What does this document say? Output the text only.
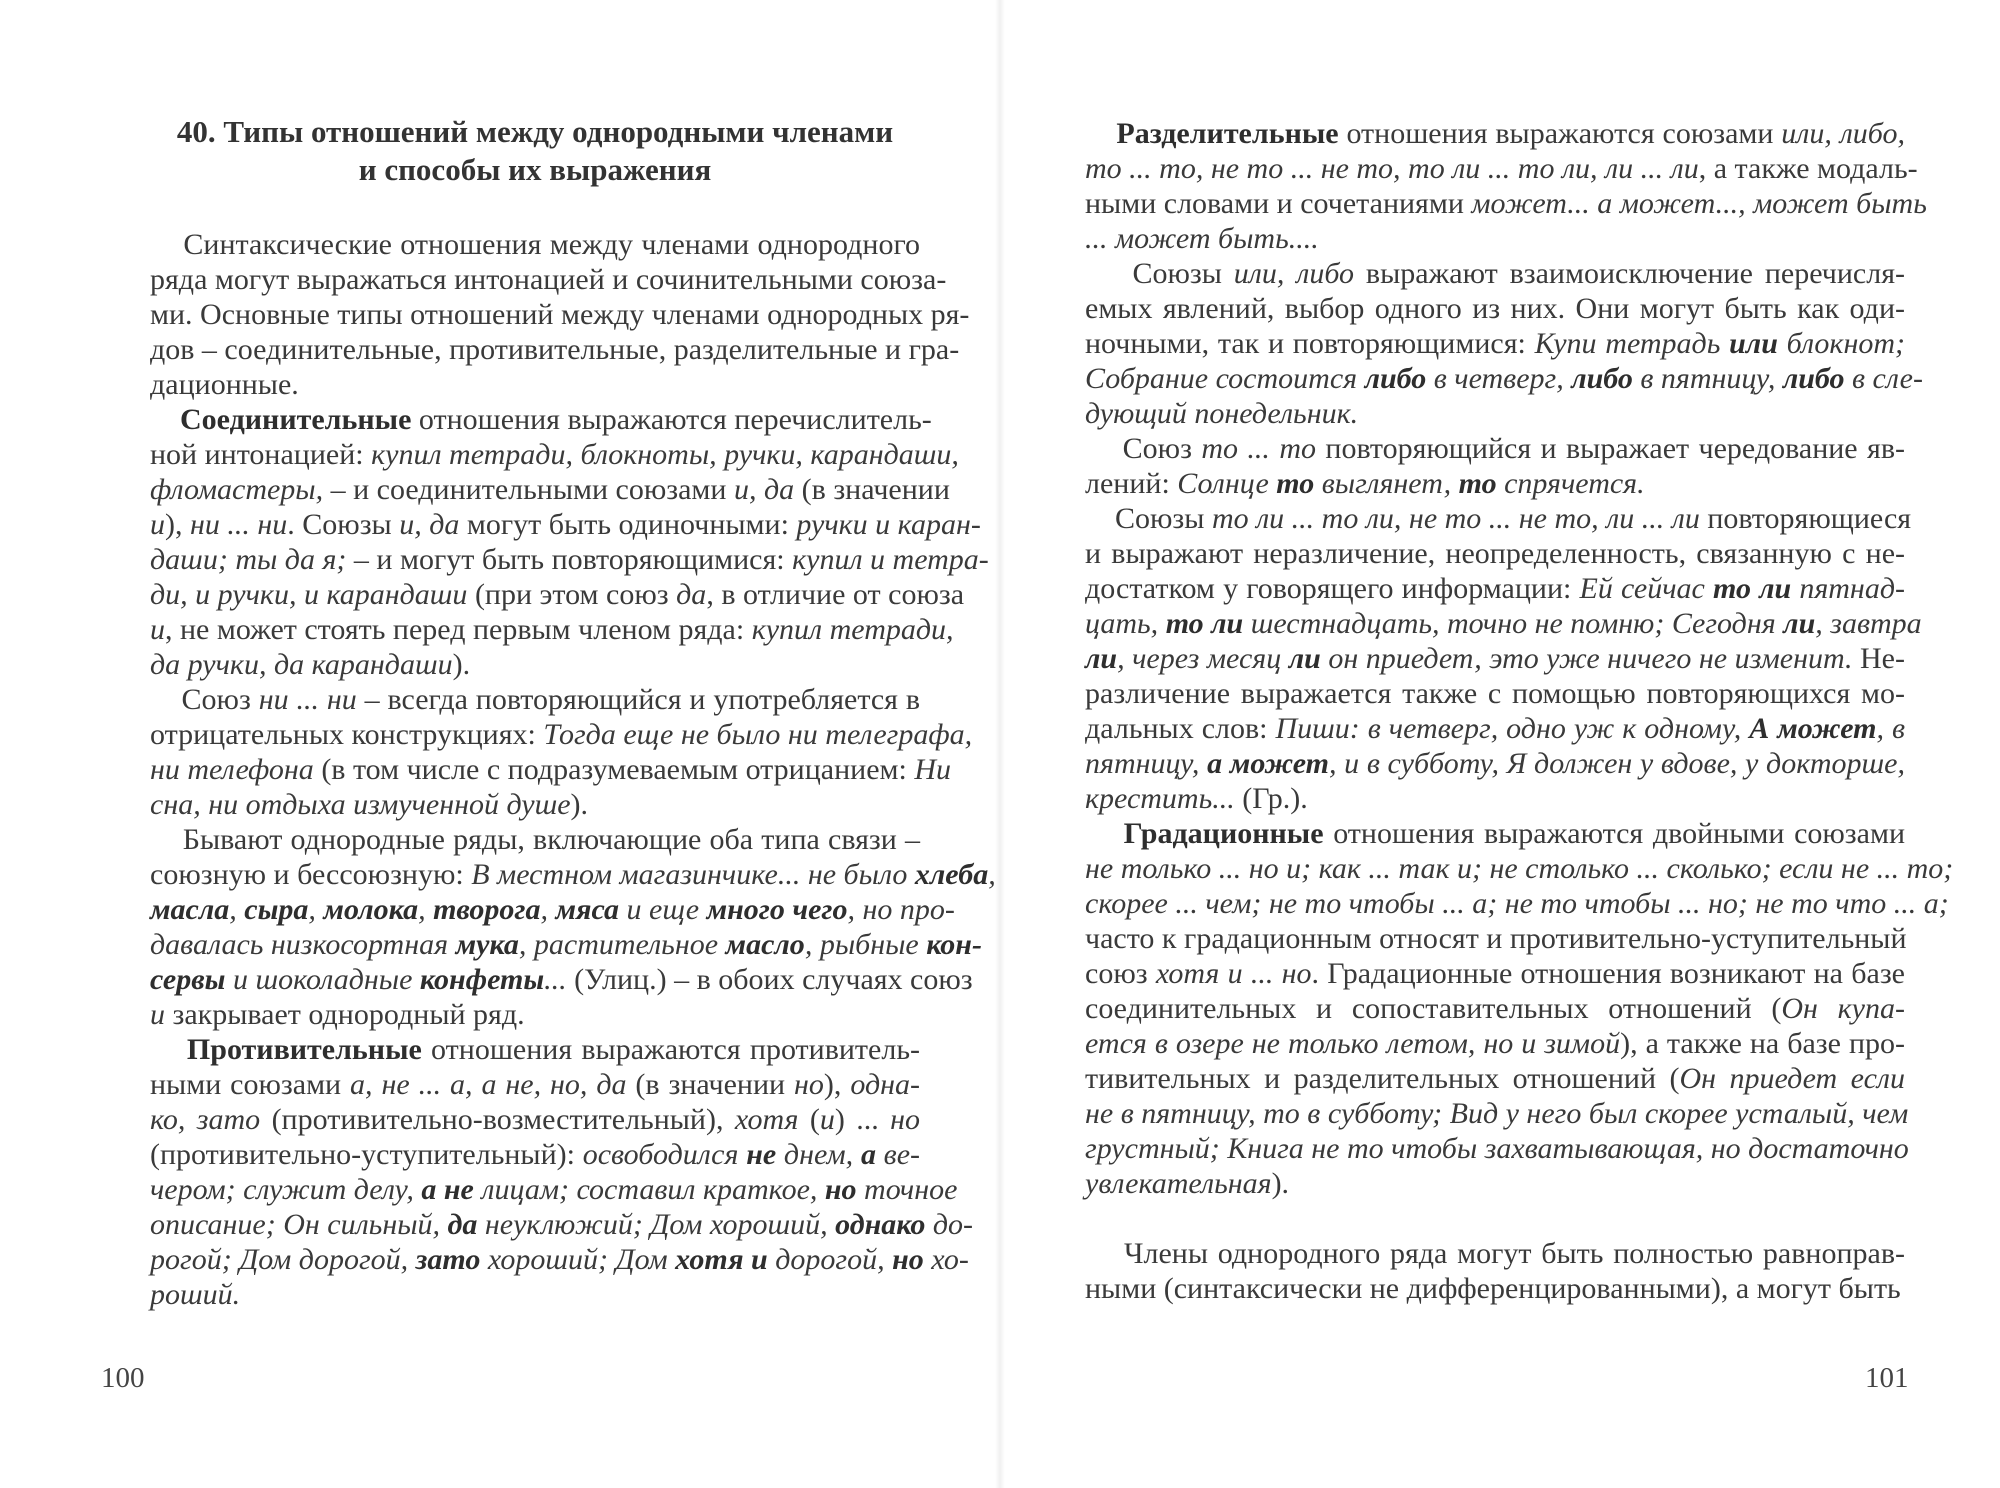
40. Типы отношений между однородными членами
и способы их выражения
Синтаксические отношения между членами однородного
ряда могут выражаться интонацией и сочинительными союза-
ми. Основные типы отношений между членами однородных ря-
дов – соединительные, противительные, разделительные и гра-
дационные.
Соединительные отношения выражаются перечислитель-
ной интонацией: купил тетради, блокноты, ручки, карандаши,
фломастеры, – и соединительными союзами и, да (в значении
и), ни ... ни. Союзы и, да могут быть одиночными: ручки и каран-
даши; ты да я; – и могут быть повторяющимися: купил и тетра-
ди, и ручки, и карандаши (при этом союз да, в отличие от союза
и, не может стоять перед первым членом ряда: купил тетради,
да ручки, да карандаши).
Союз ни ... ни – всегда повторяющийся и употребляется в
отрицательных конструкциях: Тогда еще не было ни телеграфа,
ни телефона (в том числе с подразумеваемым отрицанием: Ни
сна, ни отдыха измученной душе).
Бывают однородные ряды, включающие оба типа связи –
союзную и бессоюзную: В местном магазинчике... не было хлеба,
масла, сыра, молока, творога, мяса и еще много чего, но про-
давалась низкосортная мука, растительное масло, рыбные кон-
сервы и шоколадные конфеты... (Улиц.) – в обоих случаях союз
и закрывает однородный ряд.
Противительные отношения выражаются противитель-
ными союзами а, не ... а, а не, но, да (в значении но), одна-
ко, зато (противительно-возместительный), хотя (и) ... но
(противительно-уступительный): освободился не днем, а ве-
чером; служит делу, а не лицам; составил краткое, но точное
описание; Он сильный, да неуклюжий; Дом хороший, однако до-
рогой; Дом дорогой, зато хороший; Дом хотя и дорогой, но хо-
роший.
100
Разделительные отношения выражаются союзами или, либо,
то ... то, не то ... не то, то ли ... то ли, ли ... ли, а также модаль-
ными словами и сочетаниями может... а может..., может быть
... может быть....
Союзы или, либо выражают взаимоисключение перечисля-
емых явлений, выбор одного из них. Они могут быть как оди-
ночными, так и повторяющимися: Купи тетрадь или блокнот;
Собрание состоится либо в четверг, либо в пятницу, либо в сле-
дующий понедельник.
Союз то ... то повторяющийся и выражает чередование яв-
лений: Солнце то выглянет, то спрячется.
Союзы то ли ... то ли, не то ... не то, ли ... ли повторяющиеся
и выражают неразличение, неопределенность, связанную с не-
достатком у говорящего информации: Ей сейчас то ли пятнад-
цать, то ли шестнадцать, точно не помню; Сегодня ли, завтра
ли, через месяц ли он приедет, это уже ничего не изменит. Не-
различение выражается также с помощью повторяющихся мо-
дальных слов: Пиши: в четверг, одно уж к одному, А может, в
пятницу, а может, и в субботу, Я должен у вдове, у докторше,
крестить... (Гр.).
Градационные отношения выражаются двойными союзами
не только ... но и; как ... так и; не столько ... сколько; если не ... то;
скорее ... чем; не то чтобы ... а; не то чтобы ... но; не то что ... а;
часто к градационным относят и противительно-уступительный
союз хотя и ... но. Градационные отношения возникают на базе
соединительных и сопоставительных отношений (Он купа-
ется в озере не только летом, но и зимой), а также на базе про-
тивительных и разделительных отношений (Он приедет если
не в пятницу, то в субботу; Вид у него был скорее усталый, чем
грустный; Книга не то чтобы захватывающая, но достаточно
увлекательная).
Члены однородного ряда могут быть полностью равноправ-
ными (синтаксически не дифференцированными), а могут быть
101
